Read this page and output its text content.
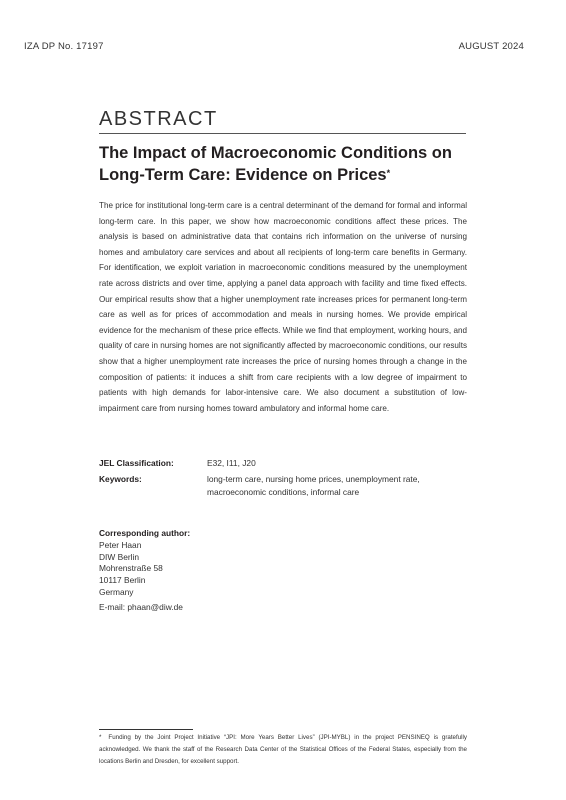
IZA DP No. 17197	AUGUST 2024
ABSTRACT
The Impact of Macroeconomic Conditions on Long-Term Care: Evidence on Prices*

The price for institutional long-term care is a central determinant of the demand for formal and informal long-term care. In this paper, we show how macroeconomic conditions affect these prices. The analysis is based on administrative data that contains rich information on the universe of nursing homes and ambulatory care services and about all recipients of long-term care benefits in Germany. For identification, we exploit variation in macroeconomic conditions measured by the unemployment rate across districts and over time, applying a panel data approach with facility and time fixed effects. Our empirical results show that a higher unemployment rate increases prices for permanent long-term care as well as for prices of accommodation and meals in nursing homes. We provide empirical evidence for the mechanism of these price effects. While we find that employment, working hours, and quality of care in nursing homes are not significantly affected by macroeconomic conditions, our results show that a higher unemployment rate increases the price of nursing homes through a change in the composition of patients: it induces a shift from care recipients with a low degree of impairment to patients with high demands for labor-intensive care. We also document a substitution of low-impairment care from nursing homes toward ambulatory and informal home care.

JEL Classification:	E32, I11, J20
Keywords:	long-term care, nursing home prices, unemployment rate, macroeconomic conditions, informal care
Corresponding author:
Peter Haan
DIW Berlin
Mohrenstraße 58
10117 Berlin
Germany
E-mail: phaan@diw.de

* Funding by the Joint Project Initiative “JPI: More Years Better Lives” (JPI-MYBL) in the project PENSINEQ is gratefully acknowledged. We thank the staff of the Research Data Center of the Statistical Offices of the Federal States, especially from the locations Berlin and Dresden, for excellent support.
